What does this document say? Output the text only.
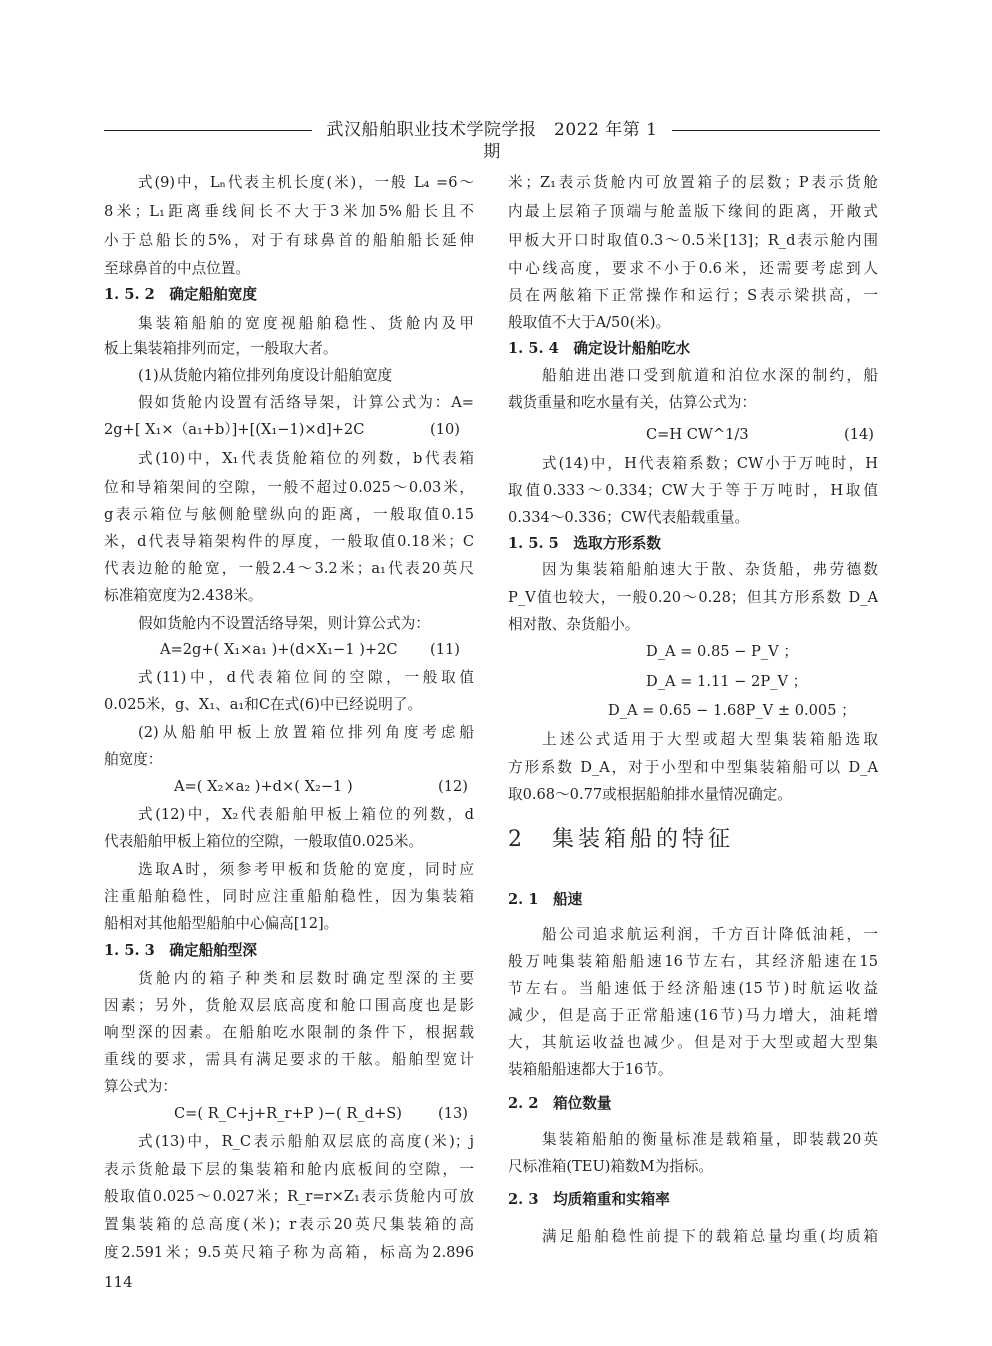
武汉船舶职业技术学院学报　2022 年第 1 期
式(9)中，Lₙ代表主机长度(米)，一般 L₄ =6～
8米；L₁距离垂线间长不大于3米加5%船长且不
小于总船长的5%，对于有球鼻首的船舶船长延伸
至球鼻首的中点位置。
1. 5. 2　确定船舶宽度
集装箱船舶的宽度视船舶稳性、货舱内及甲
板上集装箱排列而定，一般取大者。
(1)从货舱内箱位排列角度设计船舶宽度
假如货舱内设置有活络导架，计算公式为：A=
2g+[ X₁×（a₁+b）]+[(X₁−1)×d]+2C	(10)
式(10)中，X₁代表货舱箱位的列数，b代表箱
位和导箱架间的空隙，一般不超过0.025～0.03米，
g表示箱位与舷侧舱壁纵向的距离，一般取值0.15
米，d代表导箱架构件的厚度，一般取值0.18米；C
代表边舱的舱宽，一般2.4～3.2米；a₁代表20英尺
标准箱宽度为2.438米。
假如货舱内不设置活络导架，则计算公式为：
A=2g+( X₁×a₁ )+(d×X₁−1 )+2C (11)
式(11)中，d代表箱位间的空隙，一般取值
0.025米，g、X₁、a₁和C在式(6)中已经说明了。
(2)从船舶甲板上放置箱位排列角度考虑船
舶宽度：
A=( X₂×a₂ )+d×( X₂−1 )	(12)
式(12)中，X₂代表船舶甲板上箱位的列数，d
代表船舶甲板上箱位的空隙，一般取值0.025米。
选取A时，须参考甲板和货舱的宽度，同时应
注重船舶稳性，同时应注重船舶稳性，因为集装箱
船相对其他船型船舶中心偏高[12]。
1. 5. 3　确定船舶型深
货舱内的箱子种类和层数时确定型深的主要
因素；另外，货舱双层底高度和舱口围高度也是影
响型深的因素。在船舶吃水限制的条件下，根据载
重线的要求，需具有满足要求的干舷。船舶型宽计
算公式为：
C=( R_C+j+R_r+P )−( R_d+S) (13)
式(13)中，R_C表示船舶双层底的高度(米)；j
表示货舱最下层的集装箱和舱内底板间的空隙，一
般取值0.025～0.027米；R_r=r×Z₁表示货舱内可放
置集装箱的总高度(米)；r表示20英尺集装箱的高
度2.591米；9.5英尺箱子称为高箱，标高为2.896
米；Z₁表示货舱内可放置箱子的层数；P表示货舱
内最上层箱子顶端与舱盖版下缘间的距离，开敞式
甲板大开口时取值0.3～0.5米[13]；R_d表示舱内围
中心线高度，要求不小于0.6米，还需要考虑到人
员在两舷箱下正常操作和运行；S表示梁拱高，一
般取值不大于A/50(米)。
1. 5. 4　确定设计船舶吃水
船舶进出港口受到航道和泊位水深的制约，船
载货重量和吃水量有关，估算公式为：
C=H CW^1/3	(14)
式(14)中，H代表箱系数；CW小于万吨时，H
取值0.333～0.334；CW大于等于万吨时，H取值
0.334～0.336；CW代表船载重量。
1. 5. 5　选取方形系数
因为集装箱船舶速大于散、杂货船，弗劳德数
P_V值也较大，一般0.20～0.28；但其方形系数 D_A
相对散、杂货船小。
D_A = 0.85 − P_V ；
D_A = 1.11 − 2P_V ；
D_A = 0.65 − 1.68P_V ± 0.005 ；
上述公式适用于大型或超大型集装箱船选取
方形系数 D_A，对于小型和中型集装箱船可以 D_A
取0.68～0.77或根据船舶排水量情况确定。
2　集装箱船的特征
2. 1　船速
船公司追求航运利润，千方百计降低油耗，一
般万吨集装箱船船速16节左右，其经济船速在15
节左右。当船速低于经济船速(15节)时航运收益
减少，但是高于正常船速(16节)马力增大，油耗增
大，其航运收益也减少。但是对于大型或超大型集
装箱船船速都大于16节。
2. 2　箱位数量
集装箱船舶的衡量标准是载箱量，即装载20英
尺标准箱(TEU)箱数M为指标。
2. 3　均质箱重和实箱率
满足船舶稳性前提下的载箱总量均重(均质箱
114
